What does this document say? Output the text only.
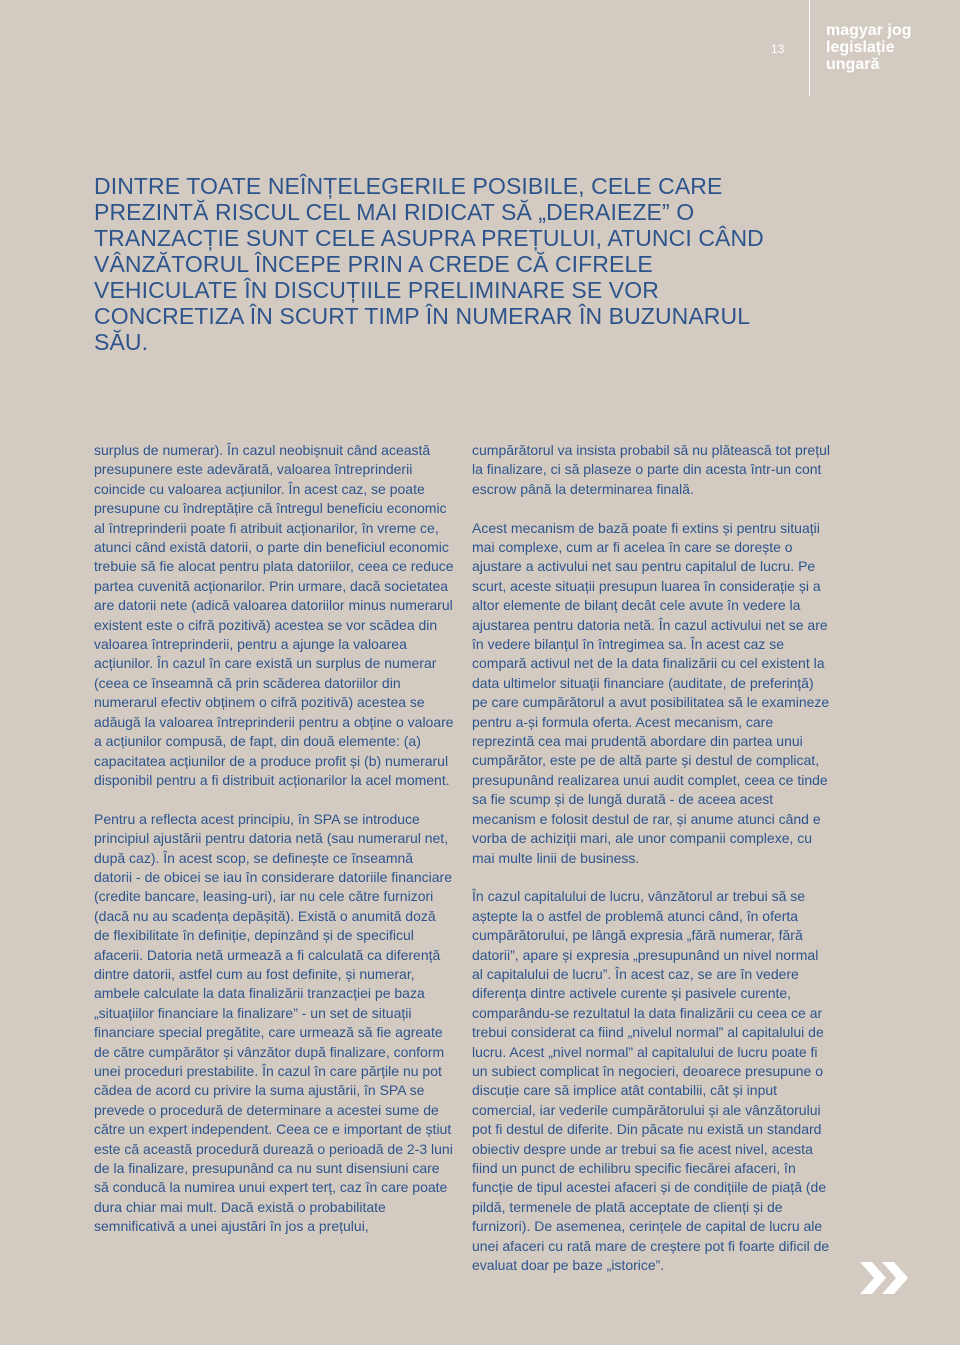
13
magyar jog
legislație
ungară
DINTRE TOATE NEÎNȚELEGERILE POSIBILE, CELE CARE PREZINTĂ RISCUL CEL MAI RIDICAT SĂ „DERAIEZE” O TRANZACȚIE SUNT CELE ASUPRA PREȚULUI, ATUNCI CÂND VÂNZĂTORUL ÎNCEPE PRIN A CREDE CĂ CIFRELE VEHICULATE ÎN DISCUȚIILE PRELIMINARE SE VOR CONCRETIZA ÎN SCURT TIMP ÎN NUMERAR ÎN BUZUNARUL SĂU.

surplus de numerar). În cazul neobișnuit când această presupunere este adevărată, valoarea întreprinderii coincide cu valoarea acțiunilor. În acest caz, se poate presupune cu îndreptățire că întregul beneficiu economic al întreprinderii poate fi atribuit acționarilor, în vreme ce, atunci când există datorii, o parte din beneficiul economic trebuie să fie alocat pentru plata datoriilor, ceea ce reduce partea cuvenită acționarilor. Prin urmare, dacă societatea are datorii nete (adică valoarea datoriilor minus numerarul existent este o cifră pozitivă) acestea se vor scădea din valoarea întreprinderii, pentru a ajunge la valoarea acțiunilor. În cazul în care există un surplus de numerar (ceea ce înseamnă că prin scăderea datoriilor din numerarul efectiv obținem o cifră pozitivă) acestea se adăugă la valoarea întreprinderii pentru a obține o valoare a acțiunilor compusă, de fapt, din două elemente: (a) capacitatea acțiunilor de a produce profit și (b) numerarul disponibil pentru a fi distribuit acționarilor la acel moment.

Pentru a reflecta acest principiu, în SPA se introduce principiul ajustării pentru datoria netă (sau numerarul net, după caz). În acest scop, se definește ce înseamnă datorii - de obicei se iau în considerare datoriile financiare (credite bancare, leasing-uri), iar nu cele către furnizori (dacă nu au scadența depășită). Există o anumită doză de flexibilitate în definiție, depinzând și de specificul afacerii. Datoria netă urmează a fi calculată ca diferență dintre datorii, astfel cum au fost definite, și numerar, ambele calculate la data finalizării tranzacției pe baza „situațiilor financiare la finalizare” - un set de situații financiare special pregătite, care urmează să fie agreate de către cumpărător și vânzător după finalizare, conform unei proceduri prestabilite. În cazul în care părțile nu pot cădea de acord cu privire la suma ajustării, în SPA se prevede o procedură de determinare a acestei sume de către un expert independent. Ceea ce e important de știut este că această procedură durează o perioadă de 2-3 luni de la finalizare, presupunând ca nu sunt disensiuni care să conducă la numirea unui expert terț, caz în care poate dura chiar mai mult. Dacă există o probabilitate semnificativă a unei ajustări în jos a prețului,

cumpărătorul va insista probabil să nu plătească tot prețul la finalizare, ci să plaseze o parte din acesta într-un cont escrow până la determinarea finală.

Acest mecanism de bază poate fi extins și pentru situații mai complexe, cum ar fi acelea în care se dorește o ajustare a activului net sau pentru capitalul de lucru. Pe scurt, aceste situații presupun luarea în considerație și a altor elemente de bilanț decât cele avute în vedere la ajustarea pentru datoria netă. În cazul activului net se are în vedere bilanțul în întregimea sa. În acest caz se compară activul net de la data finalizării cu cel existent la data ultimelor situații financiare (auditate, de preferință) pe care cumpărătorul a avut posibilitatea să le examineze pentru a-și formula oferta. Acest mecanism, care reprezintă cea mai prudentă abordare din partea unui cumpărător, este pe de altă parte și destul de complicat, presupunând realizarea unui audit complet, ceea ce tinde sa fie scump și de lungă durată - de aceea acest mecanism e folosit destul de rar, și anume atunci când e vorba de achiziții mari, ale unor companii complexe, cu mai multe linii de business.

În cazul capitalului de lucru, vânzătorul ar trebui să se aștepte la o astfel de problemă atunci când, în oferta cumpărătorului, pe lângă expresia „fără numerar, fără datorii”, apare și expresia „presupunând un nivel normal al capitalului de lucru”. În acest caz, se are în vedere diferența dintre activele curente și pasivele curente, comparându-se rezultatul la data finalizării cu ceea ce ar trebui considerat ca fiind „nivelul normal” al capitalului de lucru. Acest „nivel normal” al capitalului de lucru poate fi un subiect complicat în negocieri, deoarece presupune o discuție care să implice atât contabilii, cât și input comercial, iar vederile cumpărătorului și ale vânzătorului pot fi destul de diferite. Din păcate nu există un standard obiectiv despre unde ar trebui sa fie acest nivel, acesta fiind un punct de echilibru specific fiecărei afaceri, în funcție de tipul acestei afaceri și de condițiile de piață (de pildă, termenele de plată acceptate de clienți și de furnizori). De asemenea, cerințele de capital de lucru ale unei afaceri cu rată mare de creștere pot fi foarte dificil de evaluat doar pe baze „istorice”.
